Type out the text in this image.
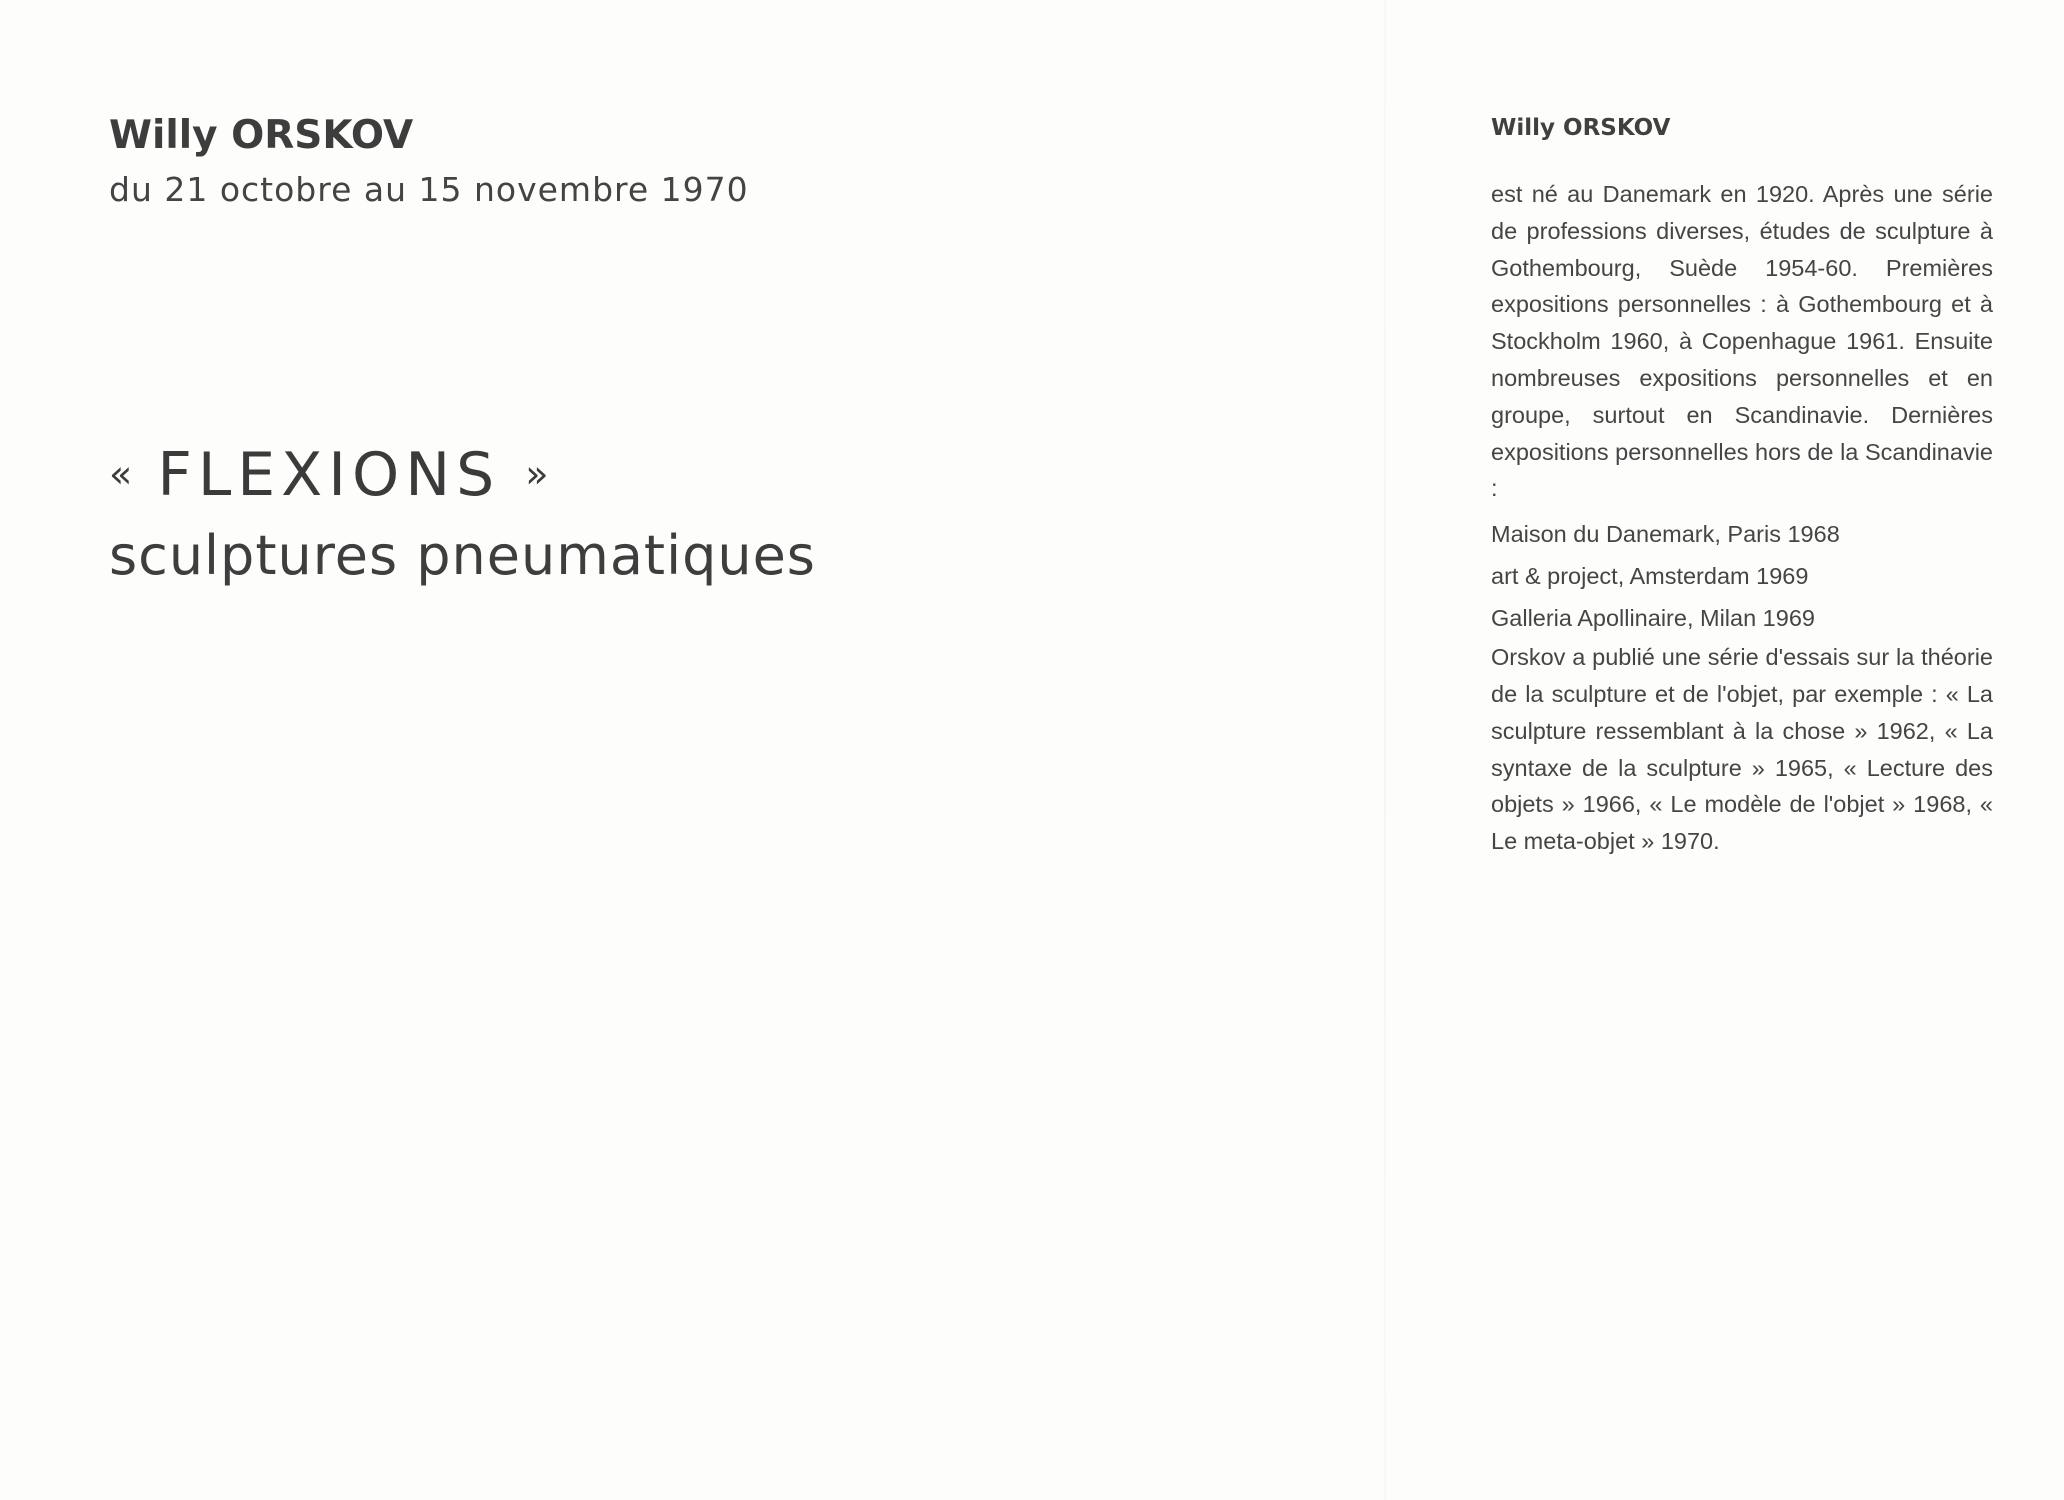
Willy ORSKOV

du 21 octobre au 15 novembre 1970

« FLEXIONS »

sculptures pneumatiques

Willy ORSKOV

est né au Danemark en 1920. Après une série de professions diverses, études de sculpture à Gothembourg, Suède 1954-60. Premières expositions personnelles : à Gothembourg et à Stockholm 1960, à Copenhague 1961. Ensuite nombreuses expositions personnelles et en groupe, surtout en Scandinavie. Dernières expositions personnelles hors de la Scandinavie :

Maison du Danemark, Paris 1968
art & project, Amsterdam 1969
Galleria Apollinaire, Milan 1969

Orskov a publié une série d'essais sur la théorie de la sculpture et de l'objet, par exemple : « La sculpture ressemblant à la chose » 1962, « La syntaxe de la sculpture » 1965, « Lecture des objets » 1966, « Le modèle de l'objet » 1968, « Le meta-objet » 1970.
